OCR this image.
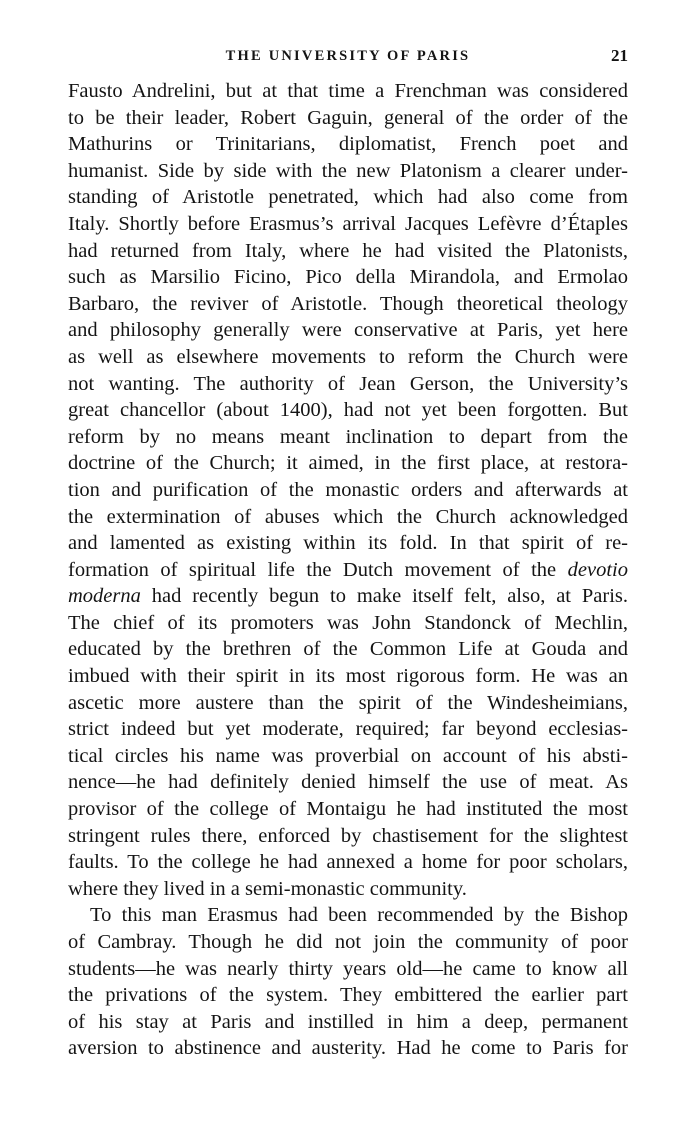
THE UNIVERSITY OF PARIS	21
Fausto Andrelini, but at that time a Frenchman was considered
to be their leader, Robert Gaguin, general of the order of the
Mathurins or Trinitarians, diplomatist, French poet and
humanist. Side by side with the new Platonism a clearer under-
standing of Aristotle penetrated, which had also come from
Italy. Shortly before Erasmus’s arrival Jacques Lefèvre d’Étaples
had returned from Italy, where he had visited the Platonists,
such as Marsilio Ficino, Pico della Mirandola, and Ermolao
Barbaro, the reviver of Aristotle. Though theoretical theology
and philosophy generally were conservative at Paris, yet here
as well as elsewhere movements to reform the Church were
not wanting. The authority of Jean Gerson, the University’s
great chancellor (about 1400), had not yet been forgotten. But
reform by no means meant inclination to depart from the
doctrine of the Church; it aimed, in the first place, at restora-
tion and purification of the monastic orders and afterwards at
the extermination of abuses which the Church acknowledged
and lamented as existing within its fold. In that spirit of re-
formation of spiritual life the Dutch movement of the devotio
moderna had recently begun to make itself felt, also, at Paris.
The chief of its promoters was John Standonck of Mechlin,
educated by the brethren of the Common Life at Gouda and
imbued with their spirit in its most rigorous form. He was an
ascetic more austere than the spirit of the Windesheimians,
strict indeed but yet moderate, required; far beyond ecclesias-
tical circles his name was proverbial on account of his absti-
nence—he had definitely denied himself the use of meat. As
provisor of the college of Montaigu he had instituted the most
stringent rules there, enforced by chastisement for the slightest
faults. To the college he had annexed a home for poor scholars,
where they lived in a semi-monastic community.
To this man Erasmus had been recommended by the Bishop
of Cambray. Though he did not join the community of poor
students—he was nearly thirty years old—he came to know all
the privations of the system. They embittered the earlier part
of his stay at Paris and instilled in him a deep, permanent
aversion to abstinence and austerity. Had he come to Paris for
